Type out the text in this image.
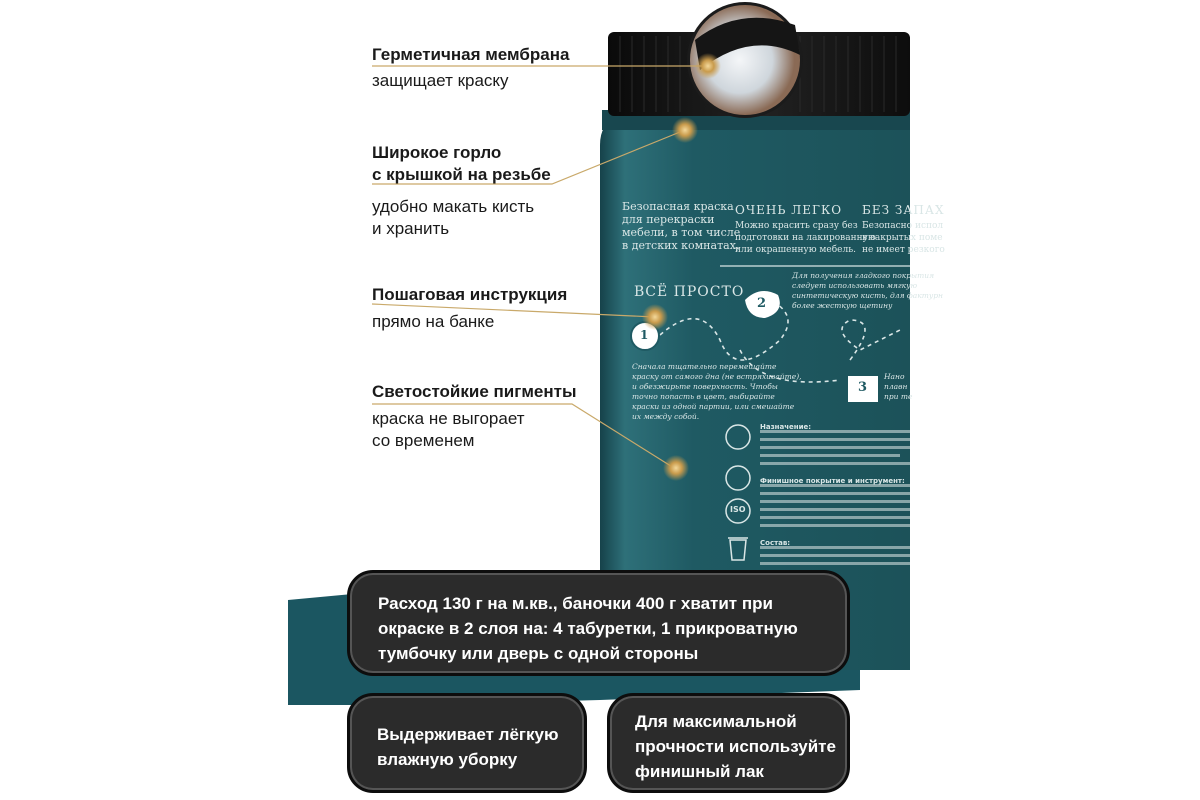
Герметичная мембрана
защищает краску
Широкое горло
с крышкой на резьбе
удобно макать кисть
и хранить
Пошаговая инструкция
прямо на банке
Светостойкие пигменты
краска не выгорает
со временем
Безопасная краска
для перекраски
мебели, в том числе
в детских комнатах.
ОЧЕНЬ ЛЕГКО
Можно красить сразу без
подготовки на лакированную
или окрашенную мебель.
БЕЗ ЗАПАХ
Безопасно испол
в закрытых поме
не имеет резкого
ВСЁ ПРОСТО
1
2
3
Сначала тщательно перемешайте
краску от самого дна (не встряхивайте),
и обезжирьте поверхность. Чтобы
точно попасть в цвет, выбирайте
краски из одной партии, или смешайте
их между собой.
Для получения гладкого покрытия
следует использовать мягкую
синтетическую кисть, для фактурн
более жесткую щетину
Нано
плавн
при те
Назначение:
Финишное покрытие и инструмент:
Состав:
ISO
Расход 130 г на м.кв., баночки 400 г хватит при
окраске в 2 слоя на: 4 табуретки, 1 прикроватную
тумбочку или дверь с одной стороны
Выдерживает лёгкую
влажную уборку
Для максимальной
прочности используйте
финишный лак
